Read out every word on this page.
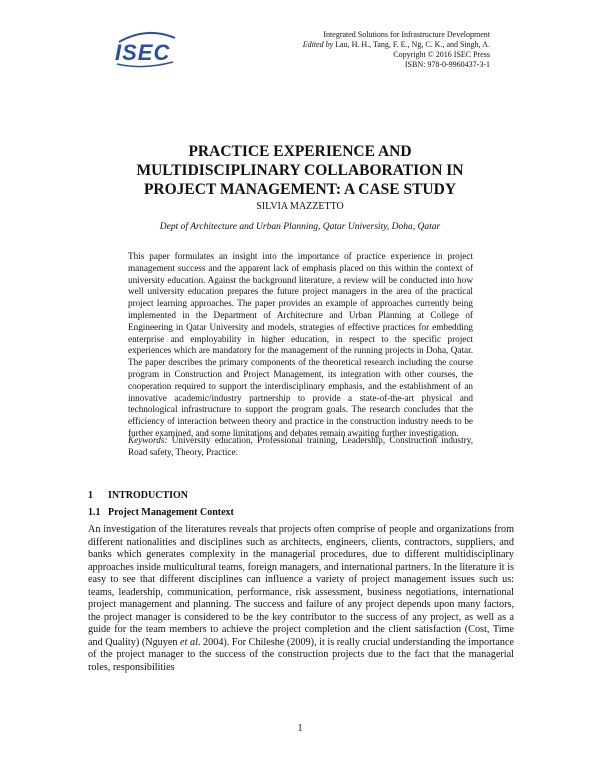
ISEC
Integrated Solutions for Infrastructure Development
Edited by Lau, H. H., Tang, F. E., Ng, C. K., and Singh, A.
Copyright © 2016 ISEC Press
ISBN: 978-0-9960437-3-1
PRACTICE EXPERIENCE AND
MULTIDISCIPLINARY COLLABORATION IN
PROJECT MANAGEMENT: A CASE STUDY
SILVIA MAZZETTO
Dept of Architecture and Urban Planning, Qatar University, Doha, Qatar
This paper formulates an insight into the importance of practice experience in project management success and the apparent lack of emphasis placed on this within the context of university education. Against the background literature, a review will be conducted into how well university education prepares the future project managers in the area of the practical project learning approaches. The paper provides an example of approaches currently being implemented in the Department of Architecture and Urban Planning at College of Engineering in Qatar University and models, strategies of effective practices for embedding enterprise and employability in higher education, in respect to the specific project experiences which are mandatory for the management of the running projects in Doha, Qatar. The paper describes the primary components of the theoretical research including the course program in Construction and Project Management, its integration with other courses, the cooperation required to support the interdisciplinary emphasis, and the establishment of an innovative academic/industry partnership to provide a state-of-the-art physical and technological infrastructure to support the program goals. The research concludes that the efficiency of interaction between theory and practice in the construction industry needs to be further examined, and some limitations and debates remain awaiting further investigation.
Keywords: University education, Professional training, Leadership, Construction industry, Road safety, Theory, Practice.
1 INTRODUCTION
1.1 Project Management Context
An investigation of the literatures reveals that projects often comprise of people and organizations from different nationalities and disciplines such as architects, engineers, clients, contractors, suppliers, and banks which generates complexity in the managerial procedures, due to different multidisciplinary approaches inside multicultural teams, foreign managers, and international partners. In the literature it is easy to see that different disciplines can influence a variety of project management issues such us: teams, leadership, communication, performance, risk assessment, business negotiations, international project management and planning. The success and failure of any project depends upon many factors, the project manager is considered to be the key contributor to the success of any project, as well as a guide for the team members to achieve the project completion and the client satisfaction (Cost, Time and Quality) (Nguyen et al. 2004). For Chileshe (2009), it is really crucial understanding the importance of the project manager to the success of the construction projects due to the fact that the managerial roles, responsibilities
1
